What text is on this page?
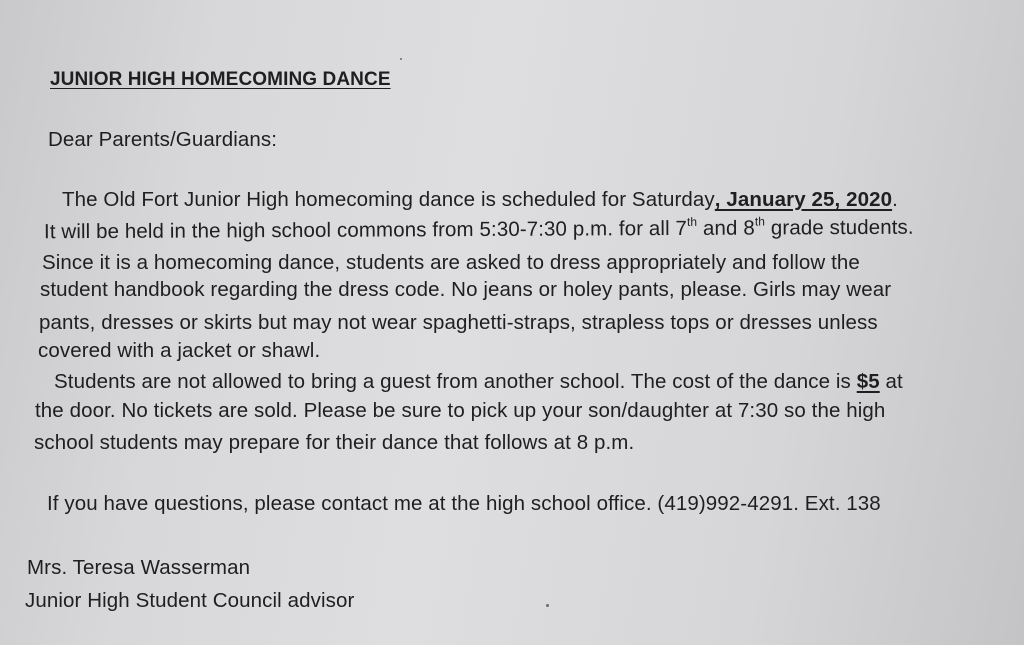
JUNIOR HIGH HOMECOMING DANCE
Dear Parents/Guardians:
The Old Fort Junior High homecoming dance is scheduled for Saturday, January 25, 2020.
It will be held in the high school commons from 5:30-7:30 p.m. for all 7th and 8th grade students.
Since it is a homecoming dance, students are asked to dress appropriately and follow the
student handbook regarding the dress code. No jeans or holey pants, please. Girls may wear
pants, dresses or skirts but may not wear spaghetti-straps, strapless tops or dresses unless
covered with a jacket or shawl.
Students are not allowed to bring a guest from another school. The cost of the dance is $5 at
the door. No tickets are sold. Please be sure to pick up your son/daughter at 7:30 so the high
school students may prepare for their dance that follows at 8 p.m.
If you have questions, please contact me at the high school office. (419)992-4291. Ext. 138
Mrs. Teresa Wasserman
Junior High Student Council advisor
